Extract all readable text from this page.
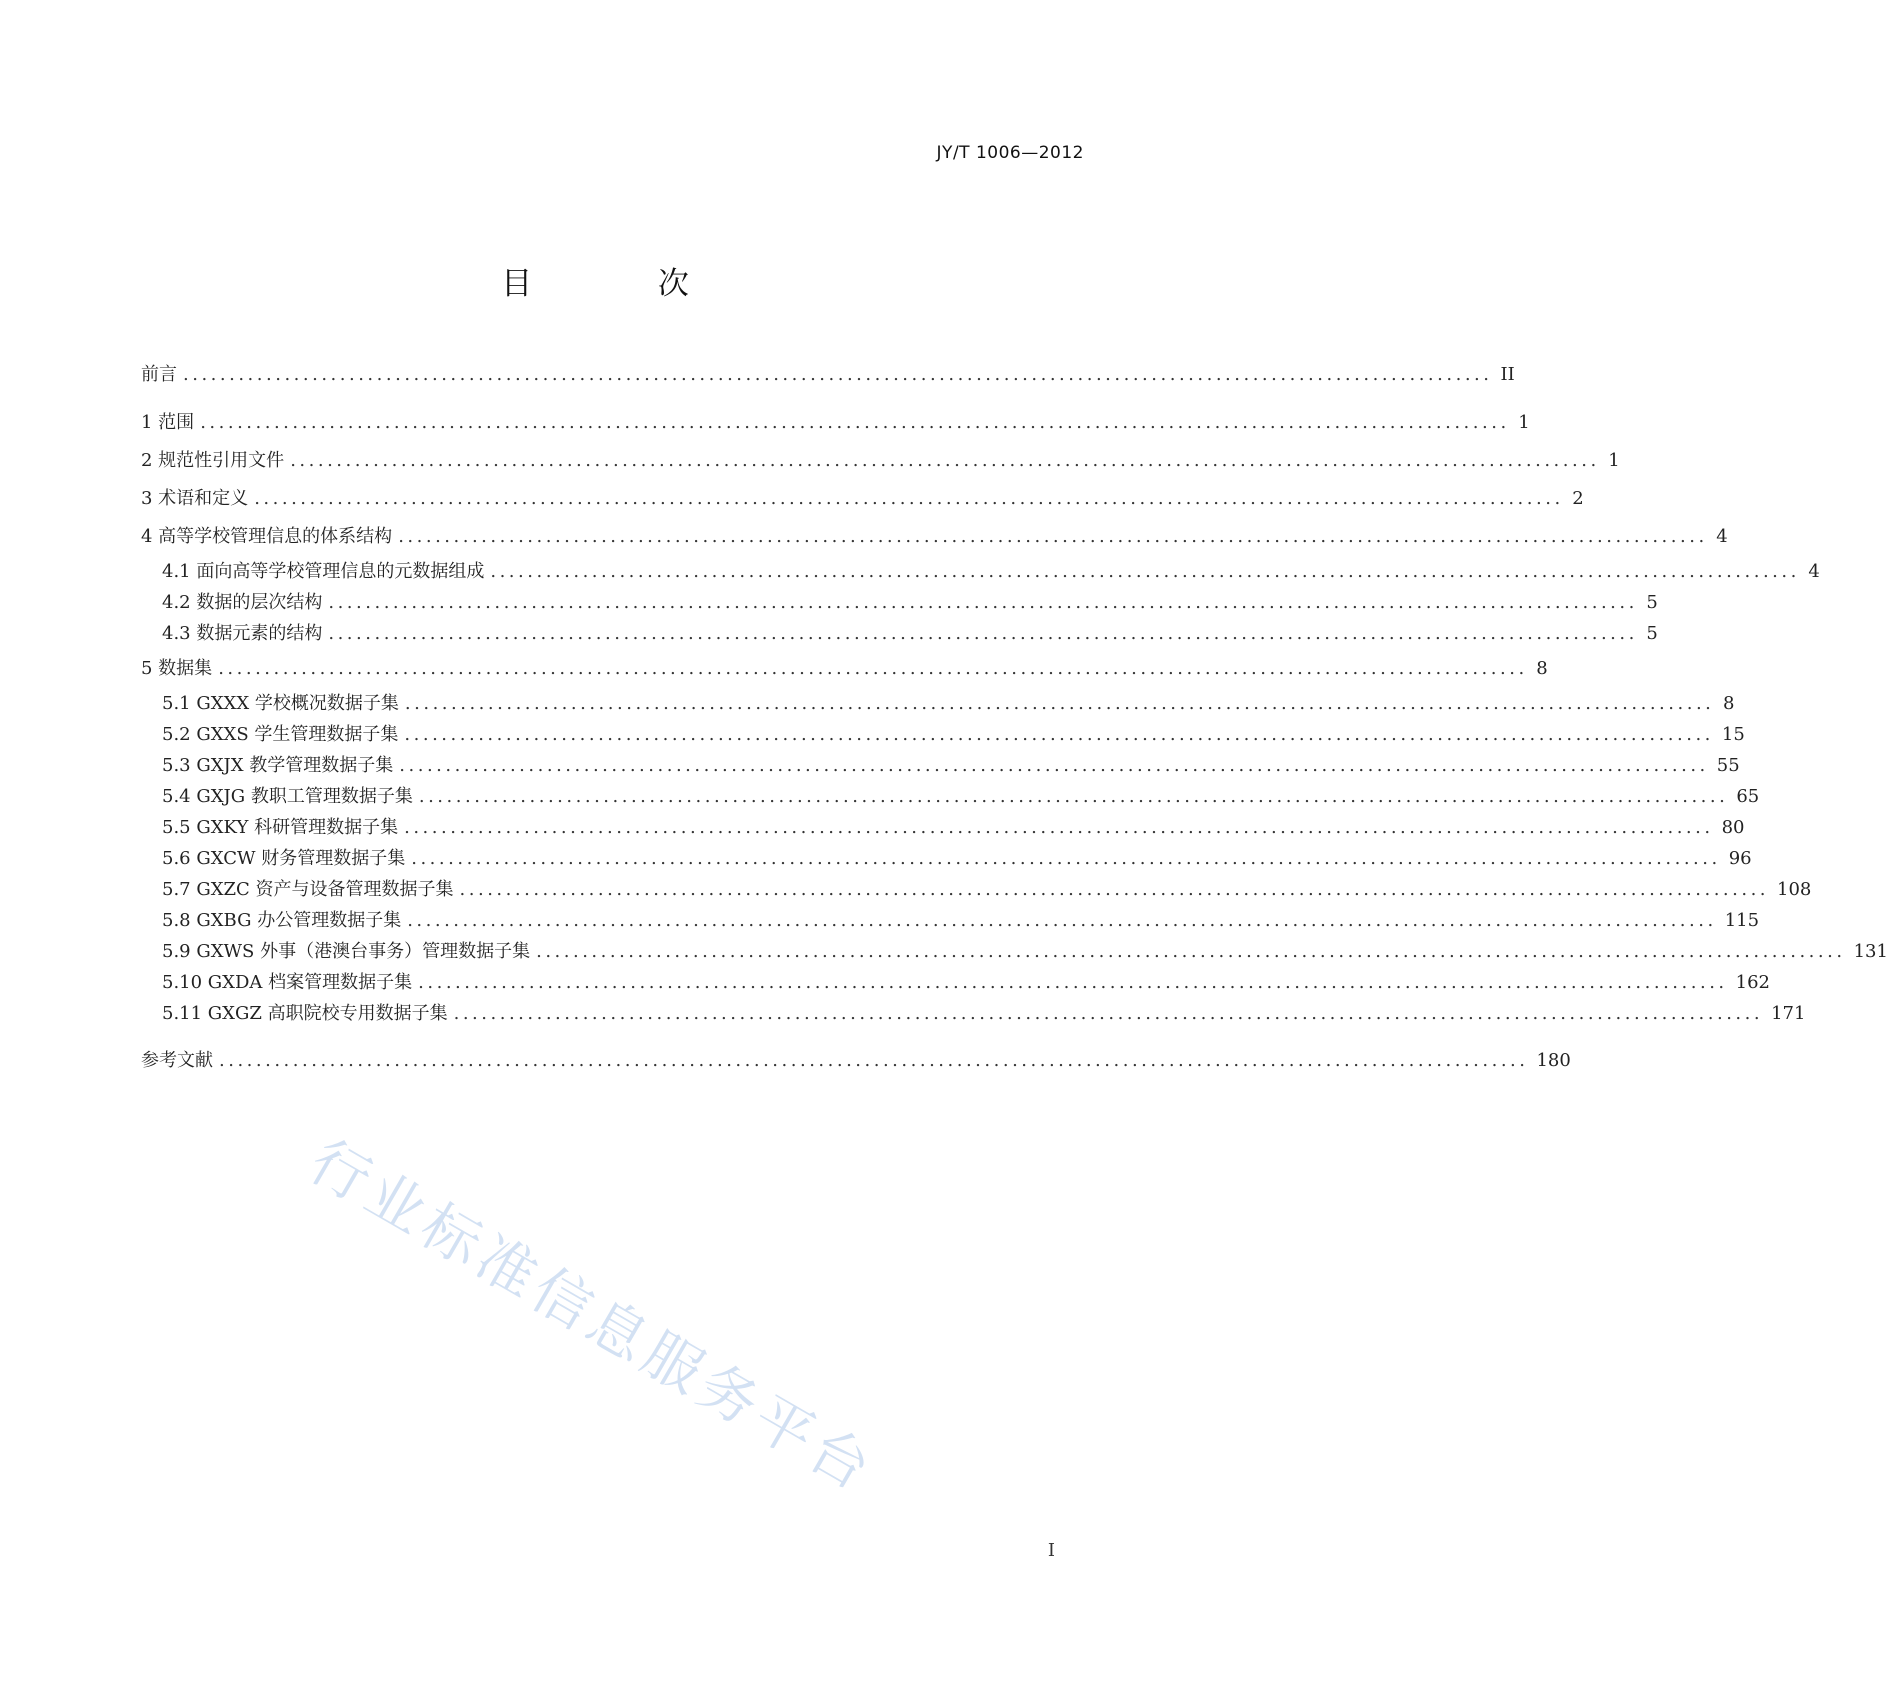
JY/T 1006—2012
目 次
前言 .............................................................................................................................................. II
1 范围 .............................................................................................................................................. 1
2 规范性引用文件 .............................................................................................................................................. 1
3 术语和定义 .............................................................................................................................................. 2
4 高等学校管理信息的体系结构 .............................................................................................................................................. 4
4.1 面向高等学校管理信息的元数据组成 .............................................................................................................................................. 4
4.2 数据的层次结构 .............................................................................................................................................. 5
4.3 数据元素的结构 .............................................................................................................................................. 5
5 数据集 .............................................................................................................................................. 8
5.1 GXXX 学校概况数据子集 .............................................................................................................................................. 8
5.2 GXXS 学生管理数据子集 .............................................................................................................................................. 15
5.3 GXJX 教学管理数据子集 .............................................................................................................................................. 55
5.4 GXJG 教职工管理数据子集 .............................................................................................................................................. 65
5.5 GXKY 科研管理数据子集 .............................................................................................................................................. 80
5.6 GXCW 财务管理数据子集 .............................................................................................................................................. 96
5.7 GXZC 资产与设备管理数据子集 .............................................................................................................................................. 108
5.8 GXBG 办公管理数据子集 .............................................................................................................................................. 115
5.9 GXWS 外事（港澳台事务）管理数据子集 .............................................................................................................................................. 131
5.10 GXDA 档案管理数据子集 .............................................................................................................................................. 162
5.11 GXGZ 高职院校专用数据子集 .............................................................................................................................................. 171
参考文献 .............................................................................................................................................. 180
行业标准信息服务平台
I
